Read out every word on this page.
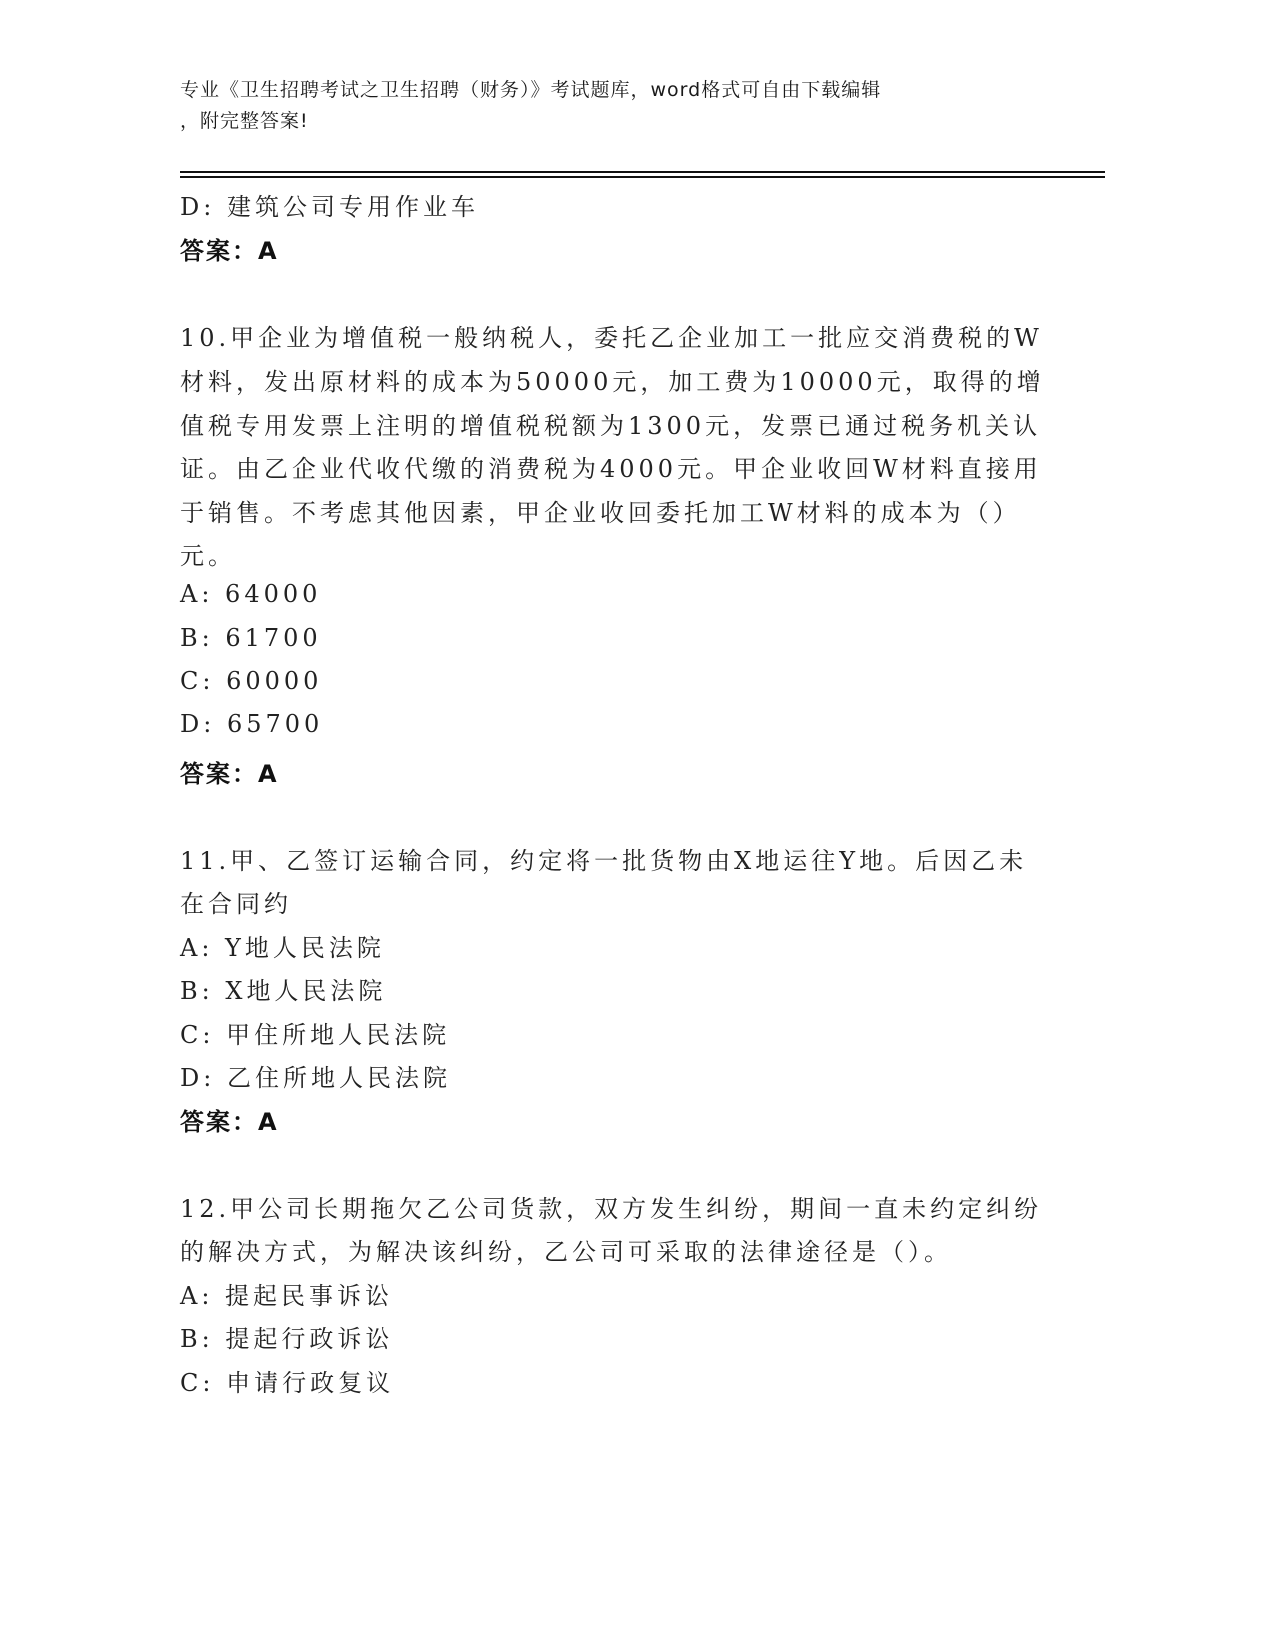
专业《卫生招聘考试之卫生招聘（财务）》考试题库，word格式可自由下载编辑
，附完整答案!
D: 建筑公司专用作业车
答案：A
10.甲企业为增值税一般纳税人，委托乙企业加工一批应交消费税的W
材料，发出原材料的成本为50000元，加工费为10000元，取得的增
值税专用发票上注明的增值税税额为1300元，发票已通过税务机关认
证。由乙企业代收代缴的消费税为4000元。甲企业收回W材料直接用
于销售。不考虑其他因素，甲企业收回委托加工W材料的成本为（）
元。
A: 64000
B: 61700
C: 60000
D: 65700
答案：A
11.甲、乙签订运输合同，约定将一批货物由X地运往Y地。后因乙未
在合同约
A: Y地人民法院
B: X地人民法院
C: 甲住所地人民法院
D: 乙住所地人民法院
答案：A
12.甲公司长期拖欠乙公司货款，双方发生纠纷，期间一直未约定纠纷
的解决方式，为解决该纠纷，乙公司可采取的法律途径是（）。
A: 提起民事诉讼
B: 提起行政诉讼
C: 申请行政复议
